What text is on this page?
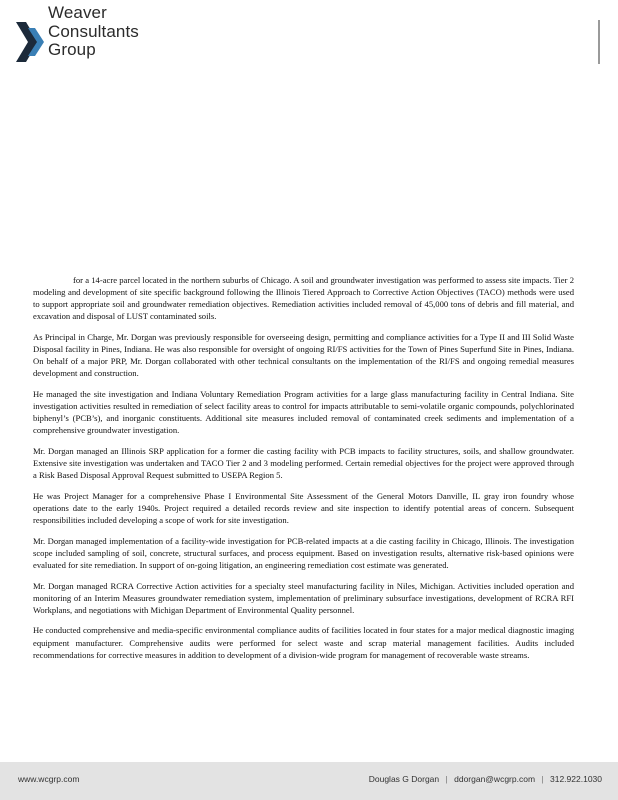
Weaver
Consultants
Group

for a 14-acre parcel located in the northern suburbs of Chicago. A soil and groundwater investigation was performed to assess site impacts. Tier 2 modeling and development of site specific background following the Illinois Tiered Approach to Corrective Action Objectives (TACO) methods were used to support appropriate soil and groundwater remediation objectives. Remediation activities included removal of 45,000 tons of debris and fill material, and excavation and disposal of LUST contaminated soils.

As Principal in Charge, Mr. Dorgan was previously responsible for overseeing design, permitting and compliance activities for a Type II and III Solid Waste Disposal facility in Pines, Indiana. He was also responsible for oversight of ongoing RI/FS activities for the Town of Pines Superfund Site in Pines, Indiana. On behalf of a major PRP, Mr. Dorgan collaborated with other technical consultants on the implementation of the RI/FS and ongoing remedial measures development and construction.

He managed the site investigation and Indiana Voluntary Remediation Program activities for a large glass manufacturing facility in Central Indiana. Site investigation activities resulted in remediation of select facility areas to control for impacts attributable to semi-volatile organic compounds, polychlorinated biphenyl’s (PCB’s), and inorganic constituents. Additional site measures included removal of contaminated creek sediments and implementation of a comprehensive groundwater investigation.

Mr. Dorgan managed an Illinois SRP application for a former die casting facility with PCB impacts to facility structures, soils, and shallow groundwater. Extensive site investigation was undertaken and TACO Tier 2 and 3 modeling performed. Certain remedial objectives for the project were approved through a Risk Based Disposal Approval Request submitted to USEPA Region 5.

He was Project Manager for a comprehensive Phase I Environmental Site Assessment of the General Motors Danville, IL gray iron foundry whose operations date to the early 1940s. Project required a detailed records review and site inspection to identify potential areas of concern. Subsequent responsibilities included developing a scope of work for site investigation.

Mr. Dorgan managed implementation of a facility-wide investigation for PCB-related impacts at a die casting facility in Chicago, Illinois. The investigation scope included sampling of soil, concrete, structural surfaces, and process equipment. Based on investigation results, alternative risk-based opinions were evaluated for site remediation. In support of on-going litigation, an engineering remediation cost estimate was generated.

Mr. Dorgan managed RCRA Corrective Action activities for a specialty steel manufacturing facility in Niles, Michigan. Activities included operation and monitoring of an Interim Measures groundwater remediation system, implementation of preliminary subsurface investigations, development of RCRA RFI Workplans, and negotiations with Michigan Department of Environmental Quality personnel.

He conducted comprehensive and media-specific environmental compliance audits of facilities located in four states for a major medical diagnostic imaging equipment manufacturer. Comprehensive audits were performed for select waste and scrap material management facilities. Audits included recommendations for corrective measures in addition to development of a division-wide program for management of recoverable waste streams.

www.wcgrp.com	Douglas G Dorgan | ddorgan@wcgrp.com | 312.922.1030
